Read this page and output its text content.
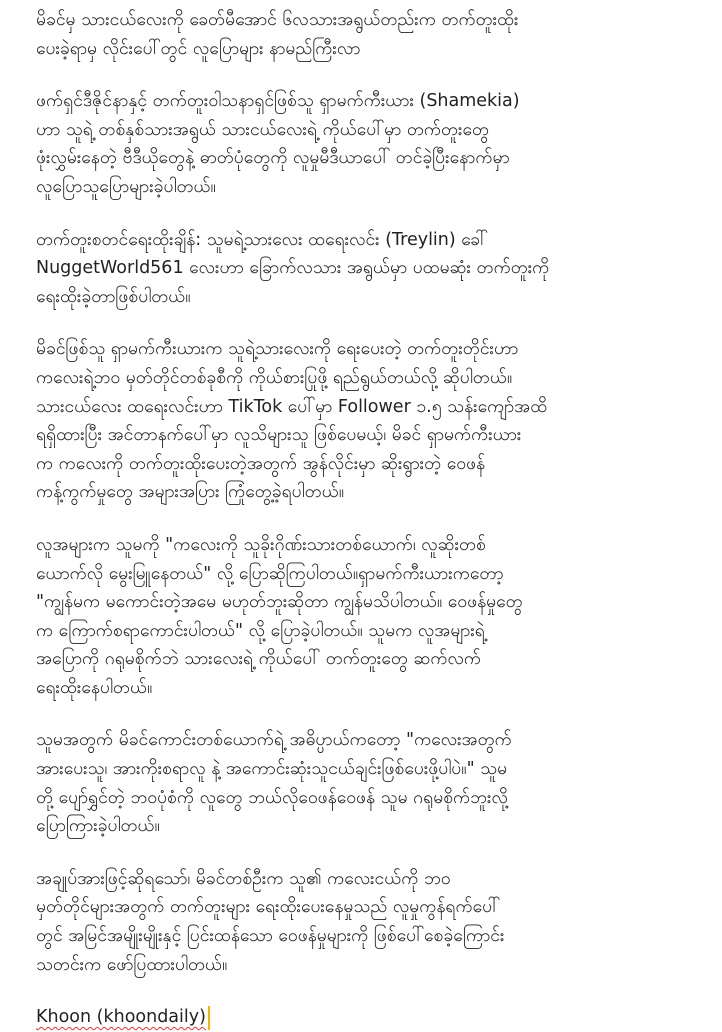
မိခင်မှ သားငယ်လေးကို ခေတ်မီအောင် ၆လသားအရွယ်တည်းက တက်တူးထိုး
ပေးခဲ့ရာမှ လိုင်းပေါ်တွင် လူပြောများ နာမည်ကြီးလာ

ဖက်ရှင်ဒီဇိုင်နာနှင့် တက်တူးဝါသနာရှင်ဖြစ်သူ ရှာမက်ကီးယား (Shamekia)
ဟာ သူရဲ့ တစ်နှစ်သားအရွယ် သားငယ်လေးရဲ့ ကိုယ်ပေါ်မှာ တက်တူးတွေ
ဖုံးလွှမ်းနေတဲ့ ဗီဒီယိုတွေနဲ့ ဓာတ်ပုံတွေကို လူမှုမီဒီယာပေါ် တင်ခဲ့ပြီးနောက်မှာ
လူပြောသူပြောများခဲ့ပါတယ်။

တက်တူးစတင်ရေးထိုးချိန်: သူမရဲ့သားလေး ထရေးလင်း (Treylin) ခေါ်
NuggetWorld561 လေးဟာ ခြောက်လသား အရွယ်မှာ ပထမဆုံး တက်တူးကို
ရေးထိုးခဲ့တာဖြစ်ပါတယ်။

မိခင်ဖြစ်သူ ရှာမက်ကီးယားက သူရဲ့သားလေးကို ရေးပေးတဲ့ တက်တူးတိုင်းဟာ
ကလေးရဲ့ဘဝ မှတ်တိုင်တစ်ခုစီကို ကိုယ်စားပြုဖို့ ရည်ရွယ်တယ်လို့ ဆိုပါတယ်။
သားငယ်လေး ထရေးလင်းဟာ TikTok ပေါ်မှာ Follower ၁.၅ သန်းကျော်အထိ
ရရှိထားပြီး အင်တာနက်ပေါ်မှာ လူသိများသူ ဖြစ်ပေမယ့်၊ မိခင် ရှာမက်ကီးယား
က ကလေးကို တက်တူးထိုးပေးတဲ့အတွက် အွန်လိုင်းမှာ ဆိုးရွားတဲ့ ဝေဖန်
ကန့်ကွက်မှုတွေ အများအပြား ကြုံတွေ့ခဲ့ရပါတယ်။

လူအများက သူမကို "ကလေးကို သူခိုးဂိုဏ်းသားတစ်ယောက်၊ လူဆိုးတစ်
ယောက်လို မွေးမြူနေတယ်" လို့ ပြောဆိုကြပါတယ်။ရှာမက်ကီးယားကတော့
"ကျွန်မက မကောင်းတဲ့အမေ မဟုတ်ဘူးဆိုတာ ကျွန်မသိပါတယ်။ ဝေဖန်မှုတွေ
က ကြောက်စရာကောင်းပါတယ်" လို့ ပြောခဲ့ပါတယ်။ သူမက လူအများရဲ့
အပြောကို ဂရုမစိုက်ဘဲ သားလေးရဲ့ ကိုယ်ပေါ် တက်တူးတွေ ဆက်လက်
ရေးထိုးနေပါတယ်။

သူမအတွက် မိခင်ကောင်းတစ်ယောက်ရဲ့ အဓိပ္ပာယ်ကတော့ "ကလေးအတွက်
အားပေးသူ၊ အားကိုးစရာလူ နဲ့ အကောင်းဆုံးသူငယ်ချင်းဖြစ်ပေးဖို့ပါပဲ။" သူမ
တို့ ပျော်ရွှင်တဲ့ ဘဝပုံစံကို လူတွေ ဘယ်လိုဝေဖန်ဝေဖန် သူမ ဂရုမစိုက်ဘူးလို့
ပြောကြားခဲ့ပါတယ်။

အချုပ်အားဖြင့်ဆိုရသော်၊ မိခင်တစ်ဦးက သူ၏ ကလေးငယ်ကို ဘဝ
မှတ်တိုင်များအတွက် တက်တူးများ ရေးထိုးပေးနေမှုသည် လူမှုကွန်ရက်ပေါ်
တွင် အမြင်အမျိုးမျိုးနှင့် ပြင်းထန်သော ဝေဖန်မှုများကို ဖြစ်ပေါ်စေခဲ့ကြောင်း
သတင်းက ဖော်ပြထားပါတယ်။

Khoon (khoondaily)
